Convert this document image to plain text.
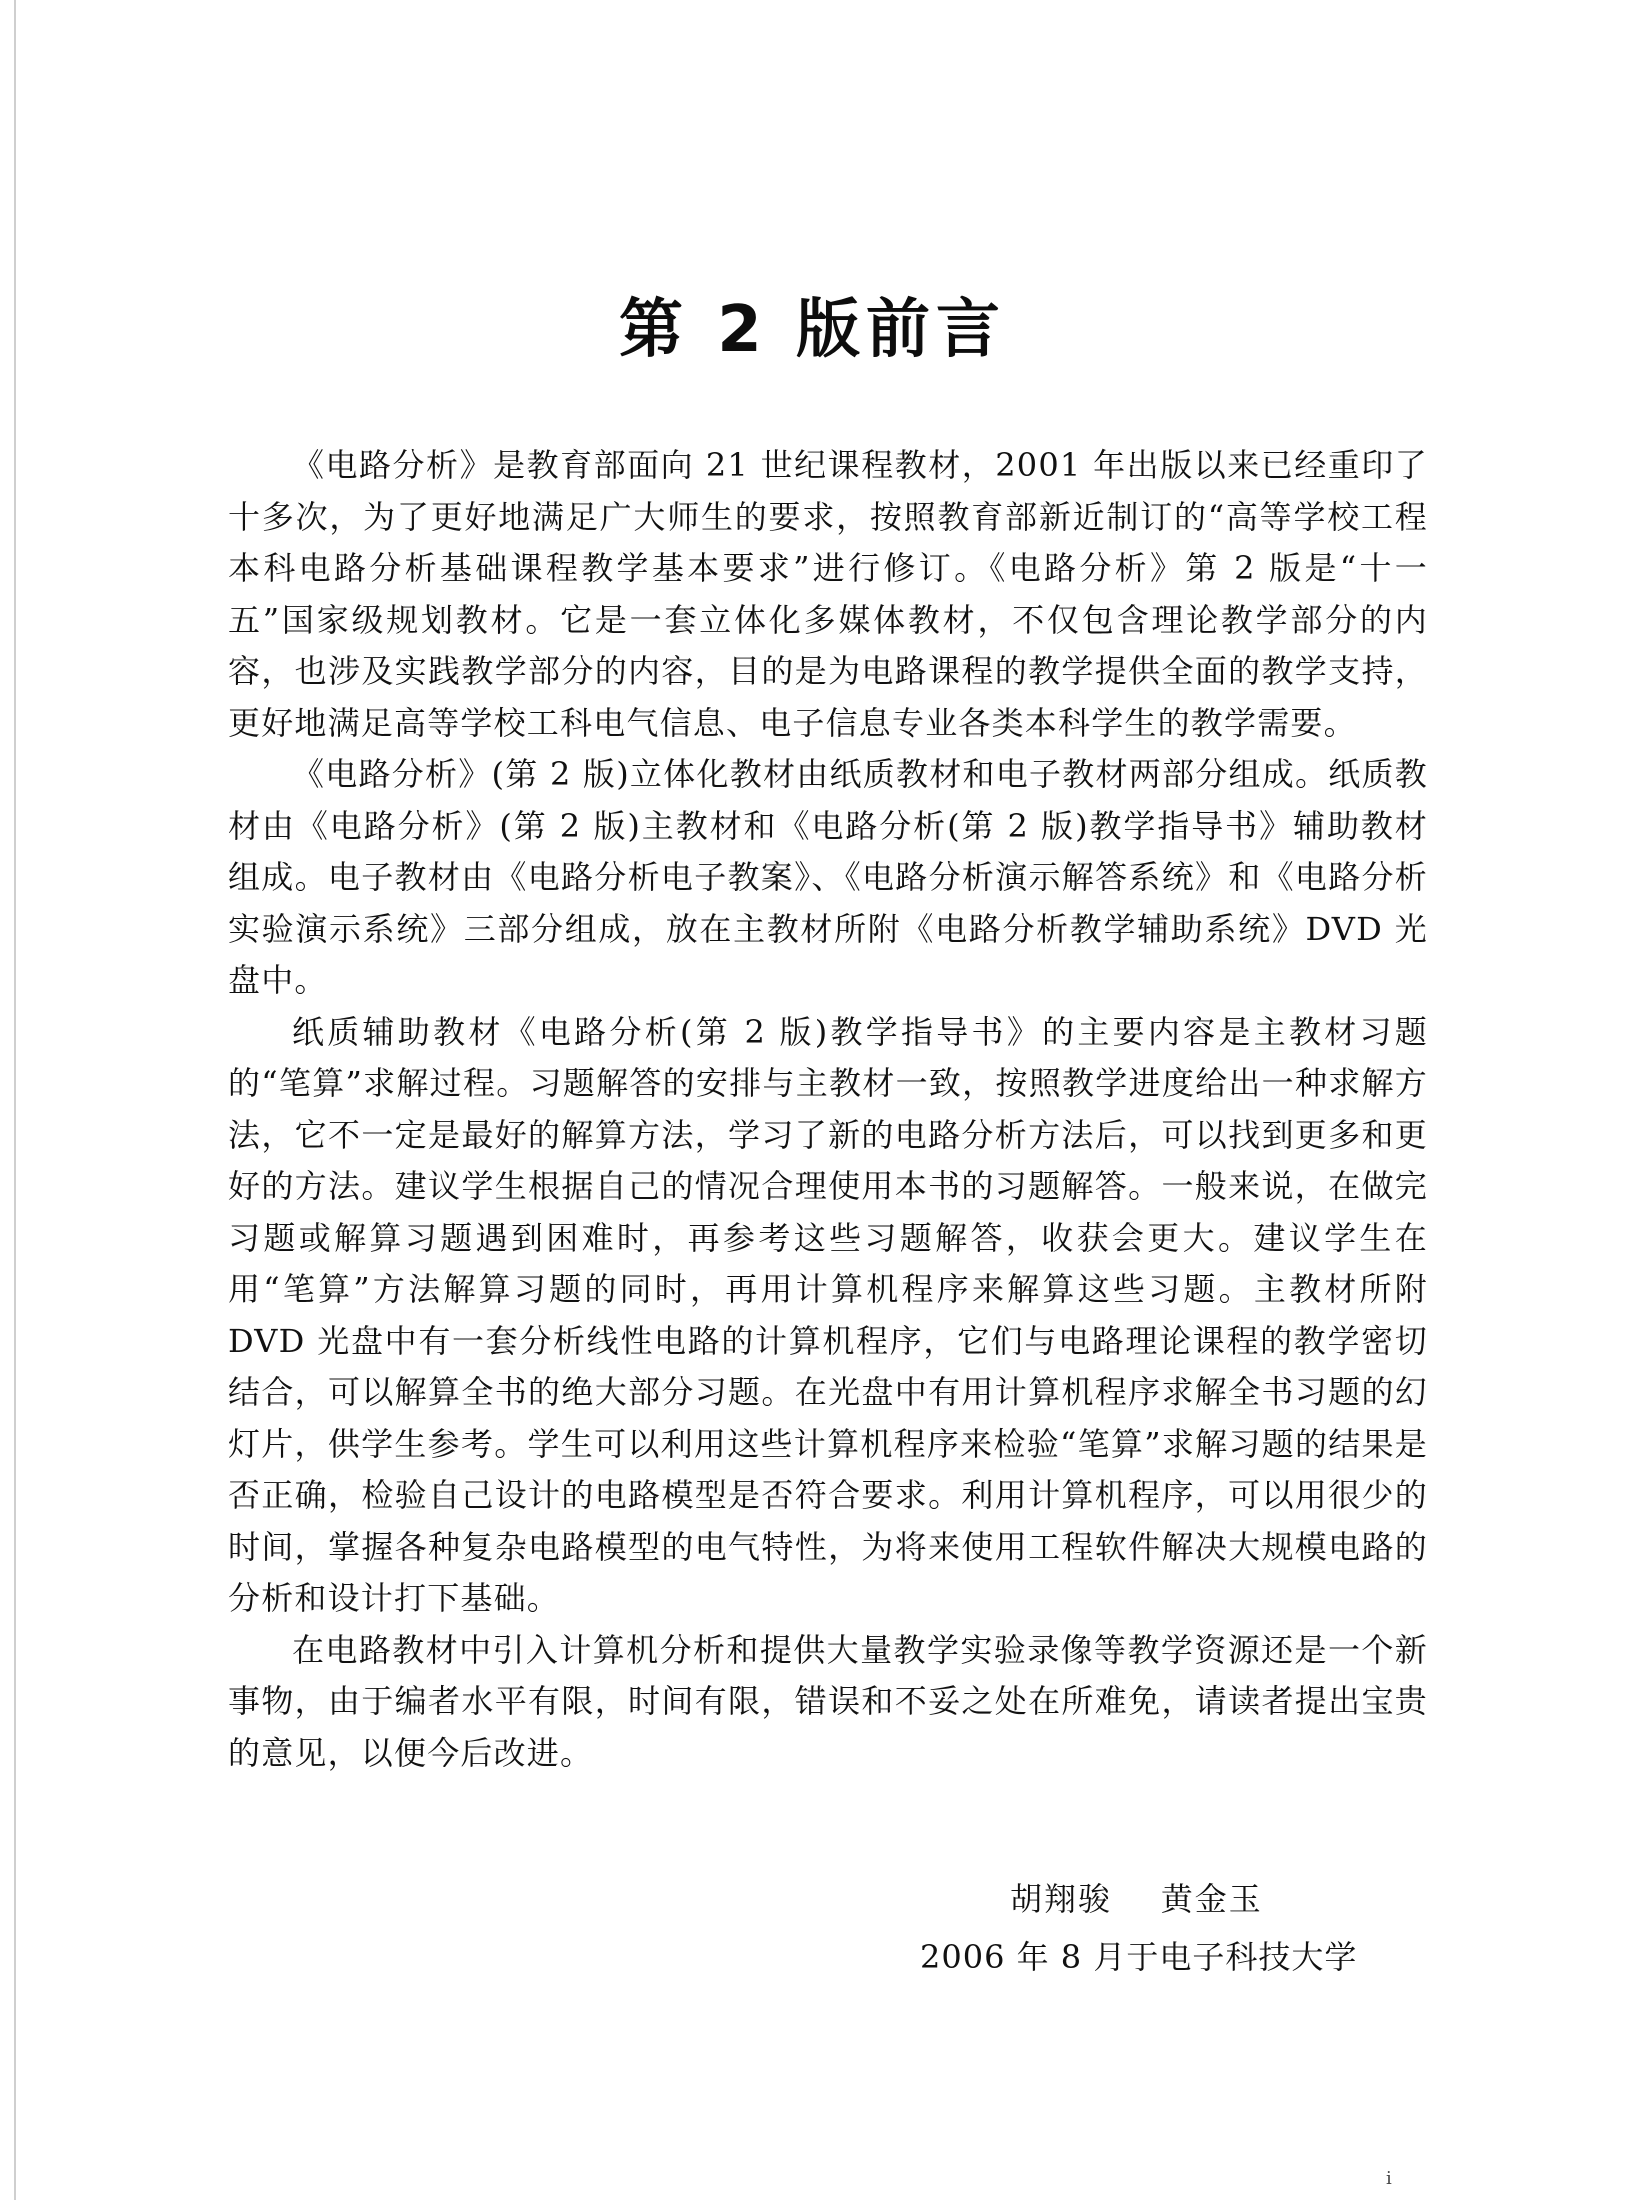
第 2 版前言

《电路分析》是教育部面向 21 世纪课程教材，2001 年出版以来已经重印了十多次，为了更好地满足广大师生的要求，按照教育部新近制订的“高等学校工程本科电路分析基础课程教学基本要求”进行修订。《电路分析》第 2 版是“十一五”国家级规划教材。它是一套立体化多媒体教材，不仅包含理论教学部分的内容，也涉及实践教学部分的内容，目的是为电路课程的教学提供全面的教学支持，更好地满足高等学校工科电气信息、电子信息专业各类本科学生的教学需要。

《电路分析》(第 2 版)立体化教材由纸质教材和电子教材两部分组成。纸质教材由《电路分析》(第 2 版)主教材和《电路分析(第 2 版)教学指导书》辅助教材组成。电子教材由《电路分析电子教案》、《电路分析演示解答系统》和《电路分析实验演示系统》三部分组成，放在主教材所附《电路分析教学辅助系统》DVD 光盘中。

纸质辅助教材《电路分析(第 2 版)教学指导书》的主要内容是主教材习题的“笔算”求解过程。习题解答的安排与主教材一致，按照教学进度给出一种求解方法，它不一定是最好的解算方法，学习了新的电路分析方法后，可以找到更多和更好的方法。建议学生根据自己的情况合理使用本书的习题解答。一般来说，在做完习题或解算习题遇到困难时，再参考这些习题解答，收获会更大。建议学生在用“笔算”方法解算习题的同时，再用计算机程序来解算这些习题。主教材所附 DVD 光盘中有一套分析线性电路的计算机程序，它们与电路理论课程的教学密切结合，可以解算全书的绝大部分习题。在光盘中有用计算机程序求解全书习题的幻灯片，供学生参考。学生可以利用这些计算机程序来检验“笔算”求解习题的结果是否正确，检验自己设计的电路模型是否符合要求。利用计算机程序，可以用很少的时间，掌握各种复杂电路模型的电气特性，为将来使用工程软件解决大规模电路的分析和设计打下基础。

在电路教材中引入计算机分析和提供大量教学实验录像等教学资源还是一个新事物，由于编者水平有限，时间有限，错误和不妥之处在所难免，请读者提出宝贵的意见，以便今后改进。

胡翔骏    黄金玉
2006 年 8 月于电子科技大学
i
